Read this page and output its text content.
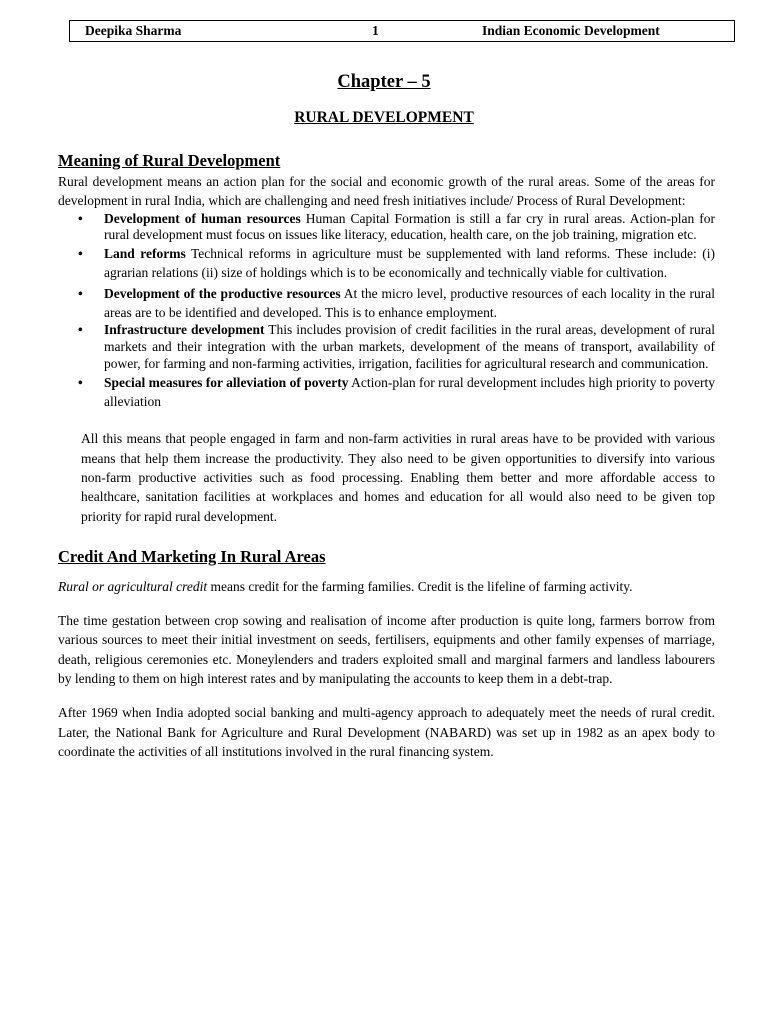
Deepika Sharma	1	Indian Economic Development
Chapter – 5
RURAL DEVELOPMENT
Meaning of Rural Development

Rural development means an action plan for the social and economic growth of the rural areas. Some of the areas for development in rural India, which are challenging and need fresh initiatives include/ Process of Rural Development:

• Development of human resources Human Capital Formation is still a far cry in rural areas. Action-plan for rural development must focus on issues like literacy, education, health care, on the job training, migration etc.
• Land reforms Technical reforms in agriculture must be supplemented with land reforms. These include: (i) agrarian relations (ii) size of holdings which is to be economically and technically viable for cultivation.
• Development of the productive resources At the micro level, productive resources of each locality in the rural areas are to be identified and developed. This is to enhance employment.
• Infrastructure development This includes provision of credit facilities in the rural areas, development of rural markets and their integration with the urban markets, development of the means of transport, availability of power, for farming and non-farming activities, irrigation, facilities for agricultural research and communication.
• Special measures for alleviation of poverty Action-plan for rural development includes high priority to poverty alleviation

All this means that people engaged in farm and non-farm activities in rural areas have to be provided with various means that help them increase the productivity. They also need to be given opportunities to diversify into various non-farm productive activities such as food processing. Enabling them better and more affordable access to healthcare, sanitation facilities at workplaces and homes and education for all would also need to be given top priority for rapid rural development.

Credit And Marketing In Rural Areas

Rural or agricultural credit means credit for the farming families. Credit is the lifeline of farming activity.

The time gestation between crop sowing and realisation of income after production is quite long, farmers borrow from various sources to meet their initial investment on seeds, fertilisers, equipments and other family expenses of marriage, death, religious ceremonies etc. Moneylenders and traders exploited small and marginal farmers and landless labourers by lending to them on high interest rates and by manipulating the accounts to keep them in a debt-trap.

After 1969 when India adopted social banking and multi-agency approach to adequately meet the needs of rural credit. Later, the National Bank for Agriculture and Rural Development (NABARD) was set up in 1982 as an apex body to coordinate the activities of all institutions involved in the rural financing system.
